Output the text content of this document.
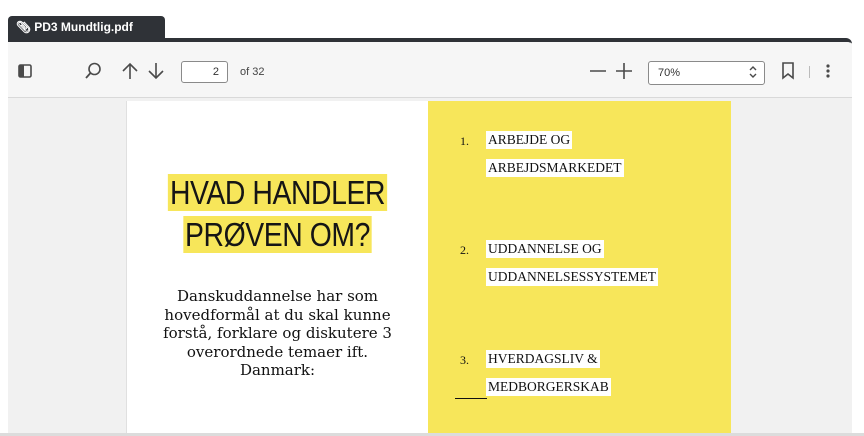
📎︎ PD3 Mundtlig.pdf
2
of 32	70%
HVAD HANDLER
PRØVEN OM?
Danskuddannelse har som
hovedformål at du skal kunne
forstå, forklare og diskutere 3
overordnede temaer ift.
Danmark:
1. ARBEJDE OG
ARBEJDSMARKEDET
2. UDDANNELSE OG
UDDANNELSESSYSTEMET
3. HVERDAGSLIV &
MEDBORGERSKAB
